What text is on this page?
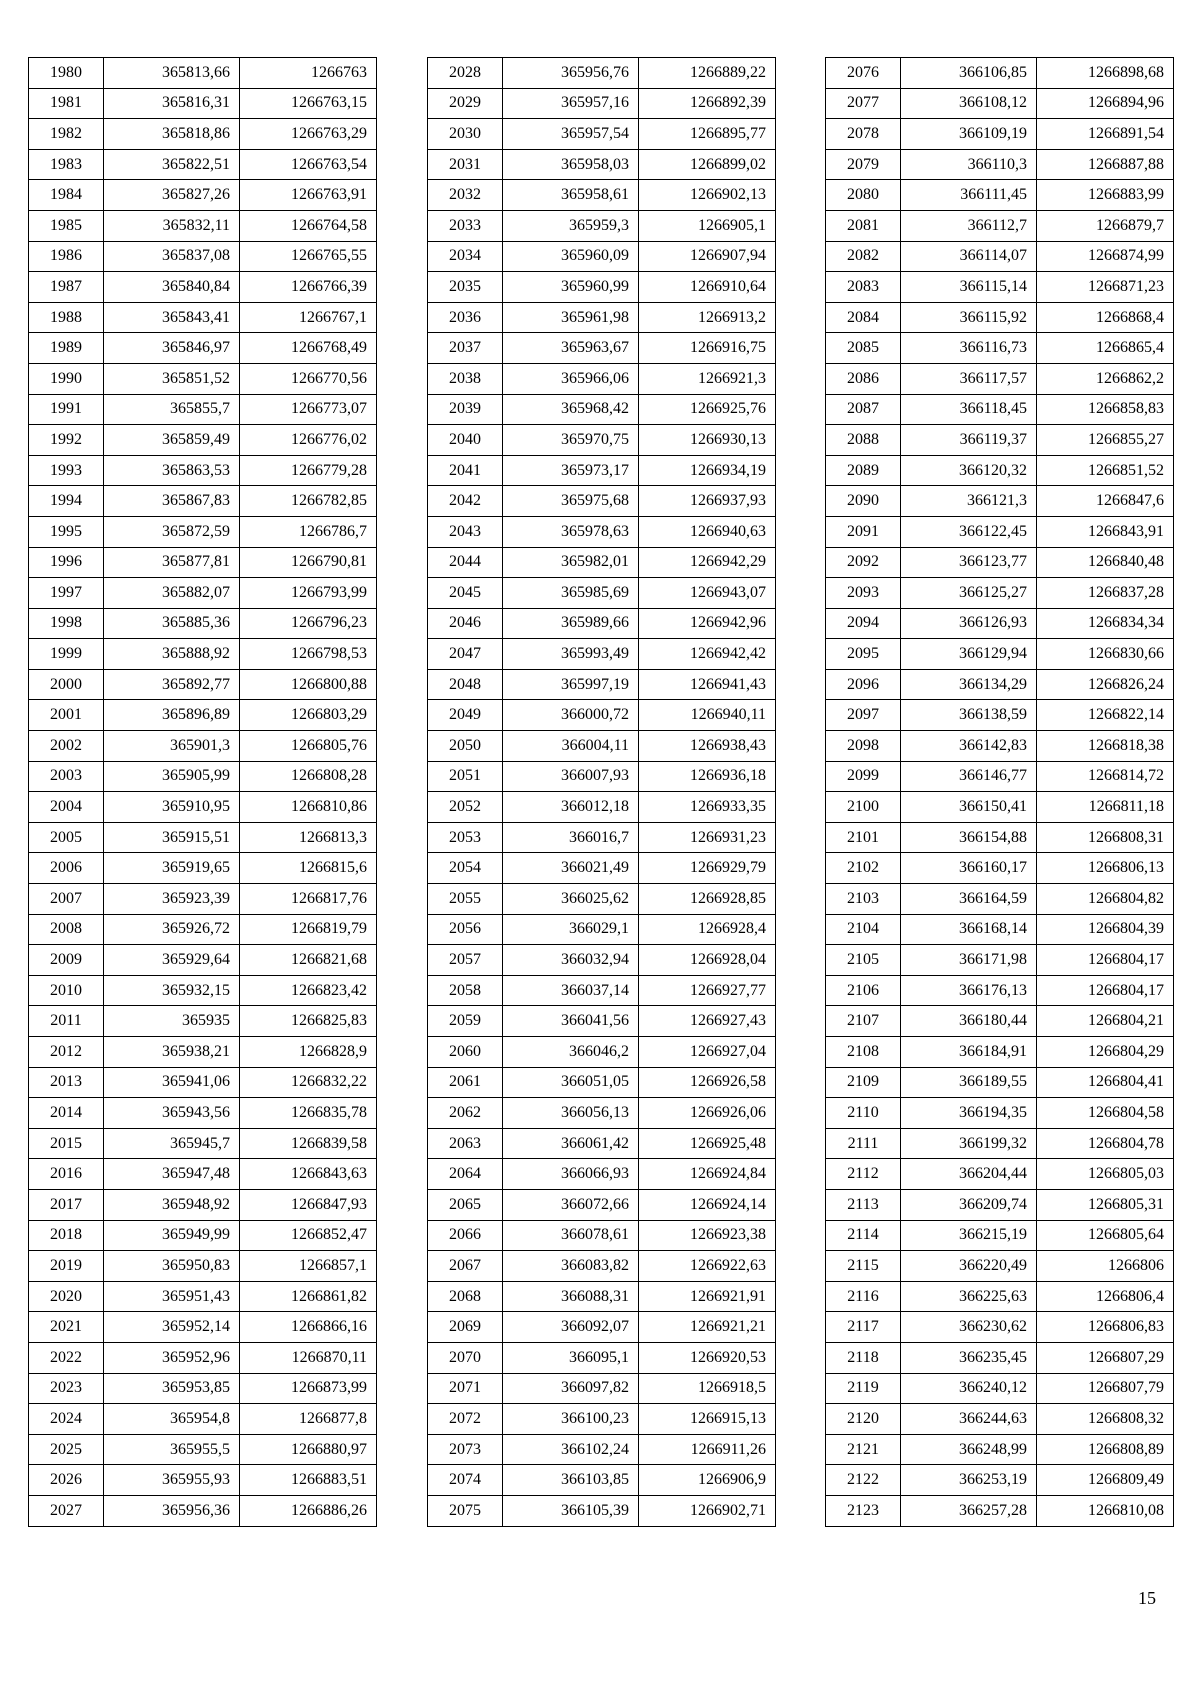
1980	365813,66	1266763
1981	365816,31	1266763,15
1982	365818,86	1266763,29
1983	365822,51	1266763,54
1984	365827,26	1266763,91
1985	365832,11	1266764,58
1986	365837,08	1266765,55
1987	365840,84	1266766,39
1988	365843,41	1266767,1
1989	365846,97	1266768,49
1990	365851,52	1266770,56
1991	365855,7	1266773,07
1992	365859,49	1266776,02
1993	365863,53	1266779,28
1994	365867,83	1266782,85
1995	365872,59	1266786,7
1996	365877,81	1266790,81
1997	365882,07	1266793,99
1998	365885,36	1266796,23
1999	365888,92	1266798,53
2000	365892,77	1266800,88
2001	365896,89	1266803,29
2002	365901,3	1266805,76
2003	365905,99	1266808,28
2004	365910,95	1266810,86
2005	365915,51	1266813,3
2006	365919,65	1266815,6
2007	365923,39	1266817,76
2008	365926,72	1266819,79
2009	365929,64	1266821,68
2010	365932,15	1266823,42
2011	365935	1266825,83
2012	365938,21	1266828,9
2013	365941,06	1266832,22
2014	365943,56	1266835,78
2015	365945,7	1266839,58
2016	365947,48	1266843,63
2017	365948,92	1266847,93
2018	365949,99	1266852,47
2019	365950,83	1266857,1
2020	365951,43	1266861,82
2021	365952,14	1266866,16
2022	365952,96	1266870,11
2023	365953,85	1266873,99
2024	365954,8	1266877,8
2025	365955,5	1266880,97
2026	365955,93	1266883,51
2027	365956,36	1266886,26
2028	365956,76	1266889,22
2029	365957,16	1266892,39
2030	365957,54	1266895,77
2031	365958,03	1266899,02
2032	365958,61	1266902,13
2033	365959,3	1266905,1
2034	365960,09	1266907,94
2035	365960,99	1266910,64
2036	365961,98	1266913,2
2037	365963,67	1266916,75
2038	365966,06	1266921,3
2039	365968,42	1266925,76
2040	365970,75	1266930,13
2041	365973,17	1266934,19
2042	365975,68	1266937,93
2043	365978,63	1266940,63
2044	365982,01	1266942,29
2045	365985,69	1266943,07
2046	365989,66	1266942,96
2047	365993,49	1266942,42
2048	365997,19	1266941,43
2049	366000,72	1266940,11
2050	366004,11	1266938,43
2051	366007,93	1266936,18
2052	366012,18	1266933,35
2053	366016,7	1266931,23
2054	366021,49	1266929,79
2055	366025,62	1266928,85
2056	366029,1	1266928,4
2057	366032,94	1266928,04
2058	366037,14	1266927,77
2059	366041,56	1266927,43
2060	366046,2	1266927,04
2061	366051,05	1266926,58
2062	366056,13	1266926,06
2063	366061,42	1266925,48
2064	366066,93	1266924,84
2065	366072,66	1266924,14
2066	366078,61	1266923,38
2067	366083,82	1266922,63
2068	366088,31	1266921,91
2069	366092,07	1266921,21
2070	366095,1	1266920,53
2071	366097,82	1266918,5
2072	366100,23	1266915,13
2073	366102,24	1266911,26
2074	366103,85	1266906,9
2075	366105,39	1266902,71
2076	366106,85	1266898,68
2077	366108,12	1266894,96
2078	366109,19	1266891,54
2079	366110,3	1266887,88
2080	366111,45	1266883,99
2081	366112,7	1266879,7
2082	366114,07	1266874,99
2083	366115,14	1266871,23
2084	366115,92	1266868,4
2085	366116,73	1266865,4
2086	366117,57	1266862,2
2087	366118,45	1266858,83
2088	366119,37	1266855,27
2089	366120,32	1266851,52
2090	366121,3	1266847,6
2091	366122,45	1266843,91
2092	366123,77	1266840,48
2093	366125,27	1266837,28
2094	366126,93	1266834,34
2095	366129,94	1266830,66
2096	366134,29	1266826,24
2097	366138,59	1266822,14
2098	366142,83	1266818,38
2099	366146,77	1266814,72
2100	366150,41	1266811,18
2101	366154,88	1266808,31
2102	366160,17	1266806,13
2103	366164,59	1266804,82
2104	366168,14	1266804,39
2105	366171,98	1266804,17
2106	366176,13	1266804,17
2107	366180,44	1266804,21
2108	366184,91	1266804,29
2109	366189,55	1266804,41
2110	366194,35	1266804,58
2111	366199,32	1266804,78
2112	366204,44	1266805,03
2113	366209,74	1266805,31
2114	366215,19	1266805,64
2115	366220,49	1266806
2116	366225,63	1266806,4
2117	366230,62	1266806,83
2118	366235,45	1266807,29
2119	366240,12	1266807,79
2120	366244,63	1266808,32
2121	366248,99	1266808,89
2122	366253,19	1266809,49
2123	366257,28	1266810,08
15
